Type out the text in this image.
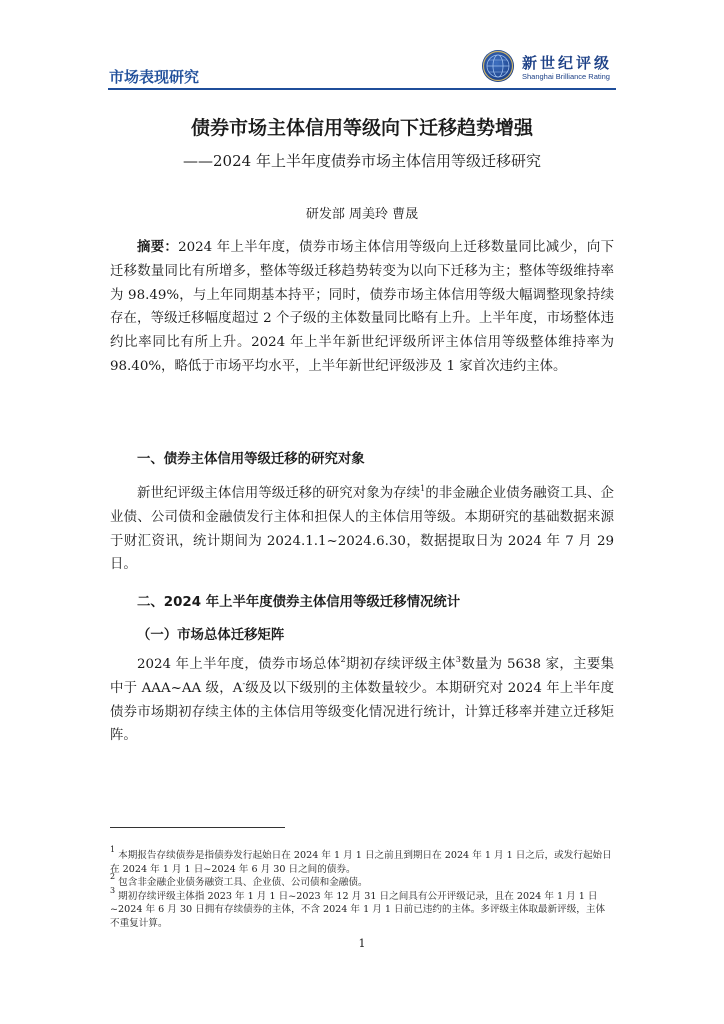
市场表现研究
新世纪评级
Shanghai Brilliance Rating
债券市场主体信用等级向下迁移趋势增强
——2024 年上半年度债券市场主体信用等级迁移研究
研发部 周美玲 曹晟

摘要：2024 年上半年度，债券市场主体信用等级向上迁移数量同比减少，向下迁移数量同比有所增多，整体等级迁移趋势转变为以向下迁移为主；整体等级维持率为 98.49%，与上年同期基本持平；同时，债券市场主体信用等级大幅调整现象持续存在，等级迁移幅度超过 2 个子级的主体数量同比略有上升。上半年度，市场整体违约比率同比有所上升。2024 年上半年新世纪评级所评主体信用等级整体维持率为 98.40%，略低于市场平均水平，上半年新世纪评级涉及 1 家首次违约主体。

一、债券主体信用等级迁移的研究对象

新世纪评级主体信用等级迁移的研究对象为存续$^1$的非金融企业债务融资工具、企业债、公司债和金融债发行主体和担保人的主体信用等级。本期研究的基础数据来源于财汇资讯，统计期间为 2024.1.1~2024.6.30，数据提取日为 2024 年 7 月 29 日。

二、2024 年上半年度债券主体信用等级迁移情况统计
（一）市场总体迁移矩阵

2024 年上半年度，债券市场总体$^2$期初存续评级主体$^3$数量为 5638 家，主要集中于 AAA~AA 级，A-级及以下级别的主体数量较少。本期研究对 2024 年上半年度债券市场期初存续主体的主体信用等级变化情况进行统计，计算迁移率并建立迁移矩阵。

$^1$ 本期报告存续债券是指债券发行起始日在 2024 年 1 月 1 日之前且到期日在 2024 年 1 月 1 日之后，或发行起始日在 2024 年 1 月 1 日~2024 年 6 月 30 日之间的债券。

$^2$ 包含非金融企业债务融资工具、企业债、公司债和金融债。

$^3$ 期初存续评级主体指 2023 年 1 月 1 日~2023 年 12 月 31 日之间具有公开评级记录，且在 2024 年 1 月 1 日~2024 年 6 月 30 日拥有存续债券的主体，不含 2024 年 1 月 1 日前已违约的主体。多评级主体取最新评级，主体不重复计算。

1
